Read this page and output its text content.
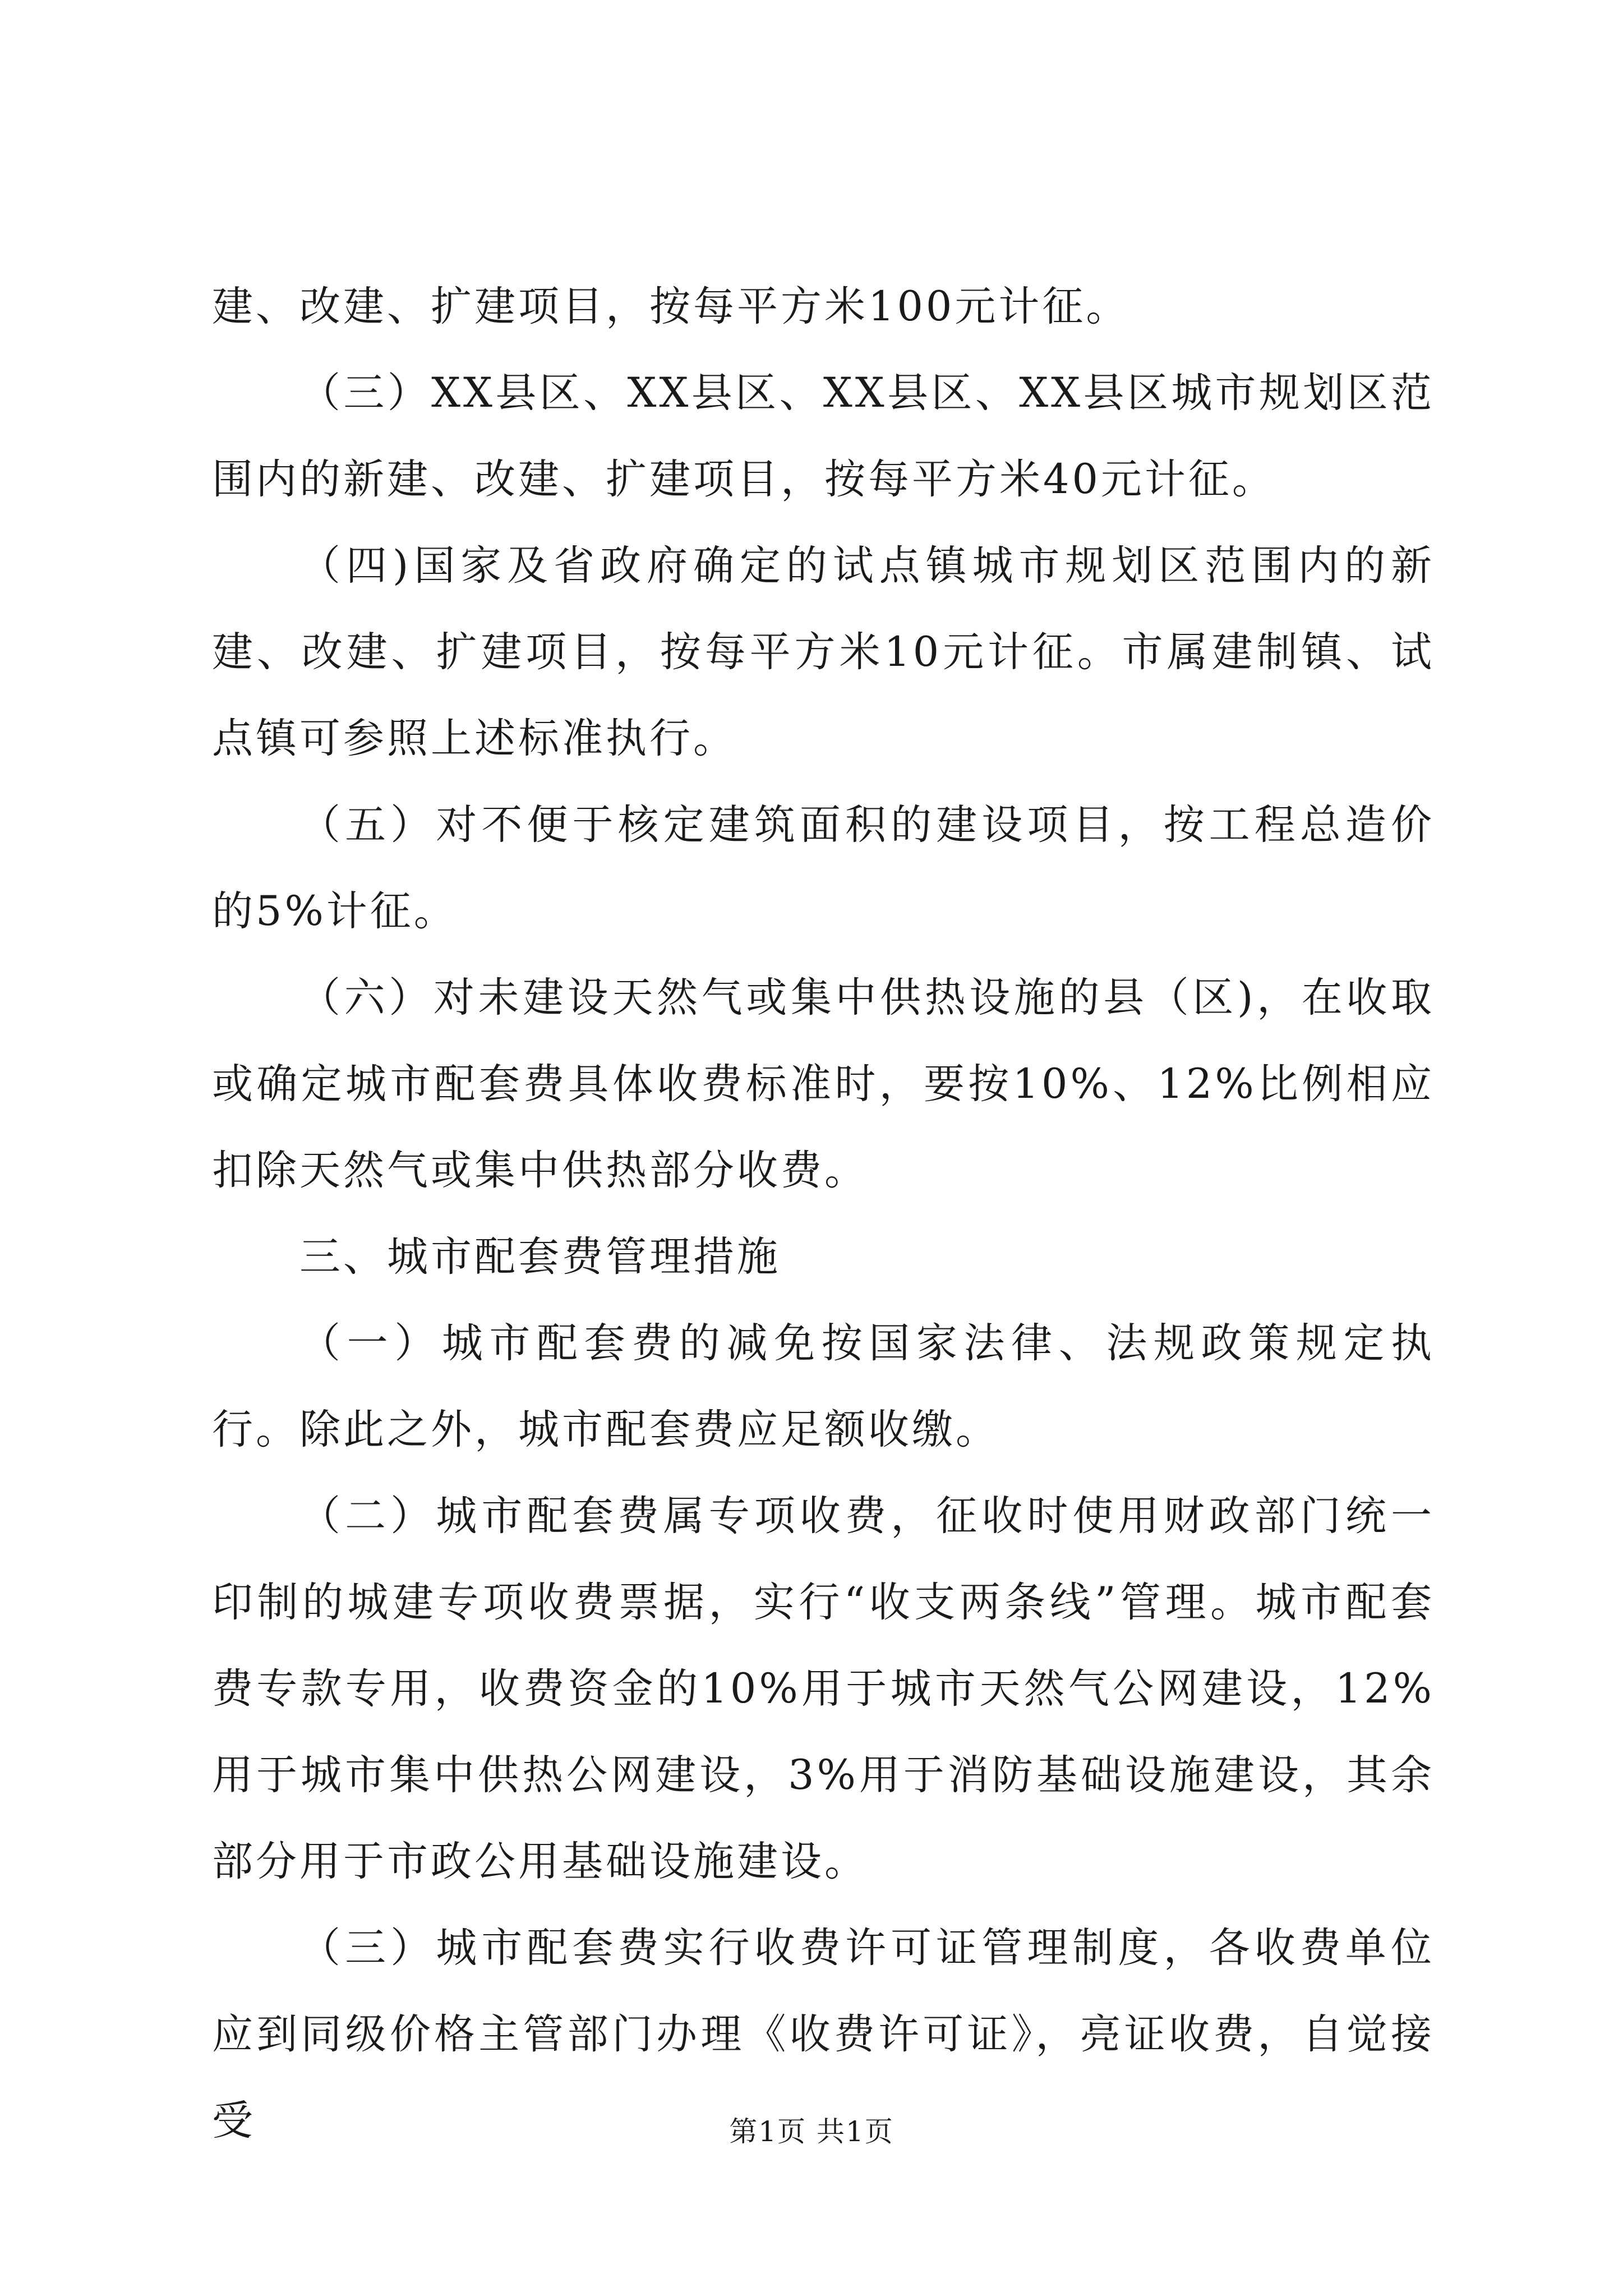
建、改建、扩建项目，按每平方米100元计征。

（三）XX县区、XX县区、XX县区、XX县区城市规划区范围内的新建、改建、扩建项目，按每平方米40元计征。

（四)国家及省政府确定的试点镇城市规划区范围内的新建、改建、扩建项目，按每平方米10元计征。市属建制镇、试点镇可参照上述标准执行。

（五）对不便于核定建筑面积的建设项目，按工程总造价的5%计征。

（六）对未建设天然气或集中供热设施的县（区)，在收取或确定城市配套费具体收费标准时，要按10%、12%比例相应扣除天然气或集中供热部分收费。

三、城市配套费管理措施

（一）城市配套费的减免按国家法律、法规政策规定执行。除此之外，城市配套费应足额收缴。

（二）城市配套费属专项收费，征收时使用财政部门统一印制的城建专项收费票据，实行“收支两条线”管理。城市配套费专款专用，收费资金的10%用于城市天然气公网建设，12%用于城市集中供热公网建设，3%用于消防基础设施建设，其余部分用于市政公用基础设施建设。

（三）城市配套费实行收费许可证管理制度，各收费单位应到同级价格主管部门办理《收费许可证》，亮证收费，自觉接受	第1页 共1页
